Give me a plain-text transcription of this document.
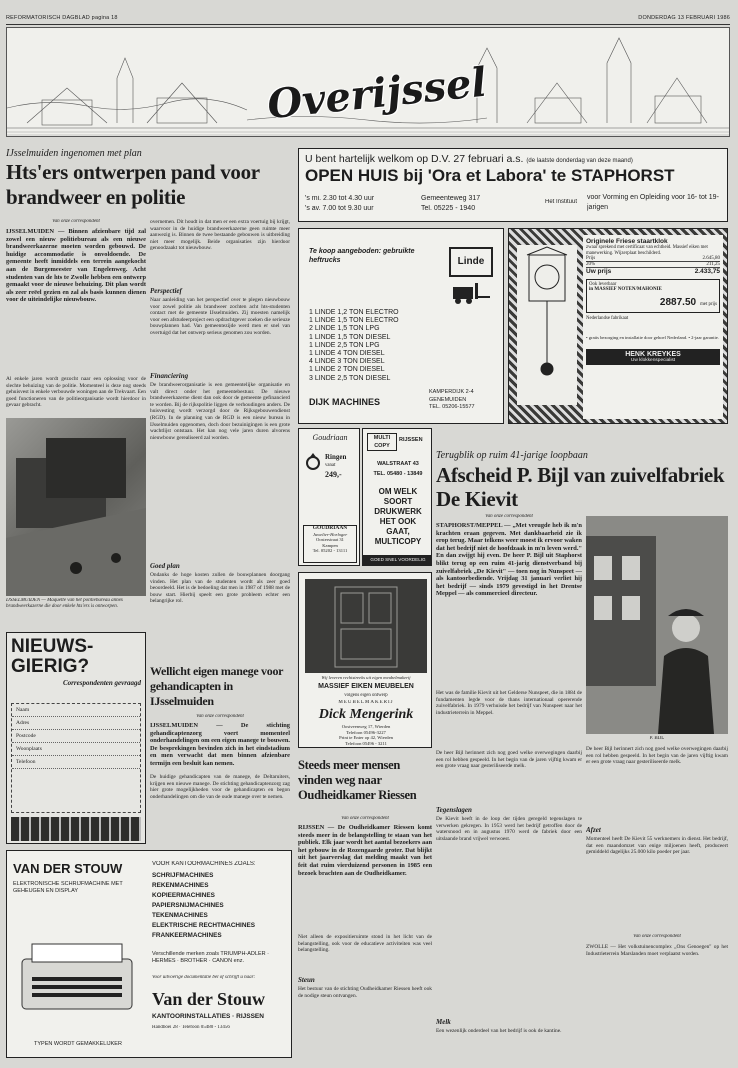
REFORMATORISCH DAGBLAD pagina 18	DONDERDAG 13 FEBRUARI 1986
Overijssel
IJsselmuiden ingenomen met plan
Hts'ers ontwerpen pand voor brandweer en politie
Van onze correspondent
IJSSELMUIDEN — Binnen afzienbare tijd zal zowel een nieuw politiebureau als een nieuwe brandweerkazerne moeten worden gebouwd. De huidige accommodatie is onvoldoende. De gemeente heeft inmiddels een terrein aangekocht aan de Burgemeester van Engelenweg. Acht studenten van de hts te Zwolle hebben een ontwerp gemaakt voor de nieuwe behuizing. Dit plan wordt als zeer reëel gezien en zal als basis kunnen dienen voor de uiteindelijke nieuwbouw.
Al enkele jaren wordt gezocht naar een oplossing voor de slechte behuizing van de politie. Momenteel is deze nog steeds gehuisvest in enkele verbouwde woningen aan de Trekvaart. Een goed functioneren van de politieorganisatie wordt hierdoor in gevaar gebracht.
IJSSELMUIDEN — Maquette van het politiebureau annex brandweerkazerne die door enkele hts'ers is ontworpen.
overnemen. Dit houdt in dat men er een extra voertuig bij krijgt, waarvoor in de huidige brandweerkazerne geen ruimte meer aanwezig is. Binnen de twee bestaande gebouwen is uitbreiding niet meer mogelijk. Beide organisaties zijn hierdoor genoodzaakt tot nieuwbouw.
Perspectief
Naar aanleiding van het perspectief over te plegen nieuwbouw voor zowel politie als brandweer zochten acht hts-studenten contact met de gemeente IJsselmuiden. Zij moesten namelijk voor een afstudeerproject een opdrachtgever zoeken die serieuze bouwplannen had. Van gemeentezijde werd men er snel van overtuigd dat het ontwerp serieus genomen zou worden.
Financiering
De brandweerorganisatie is een gemeentelijke organisatie en valt direct onder het gemeentebestuur. De nieuwe brandweerkazerne dient dan ook door de gemeente gefinancierd te worden. Bij de rijkspolitie liggen de verhoudingen anders. De huisvesting wordt verzorgd door de Rijksgebouwendienst (RGD). In de planning van de RGD is een nieuw bureau in IJsselmuiden opgenomen, doch door bezuinigingen is een grote wachtlijst ontstaan. Het kan nog vele jaren duren alvorens nieuwbouw gerealiseerd zal worden.
Goed plan
Ondanks de hoge kosten zullen de bouwplannen doorgang vinden. Het plan van de studenten wordt als zeer goed beoordeeld. Het is de bedoeling dat men in 1987 of 1988 met de bouw start. Hierbij speelt een grote probleem echter een belangrijke rol.
NIEUWS-GIERIG?
Correspondenten gevraagd
Naam
Adres
Postcode
Woonplaats
Telefoon
Wellicht eigen manege voor gehandicapten in IJsselmuiden
Van onze correspondent
IJSSELMUIDEN — De stichting gehandicaptenzorg voert momenteel onderhandelingen om een eigen manege te bouwen. De besprekingen bevinden zich in het eindstadium en men verwacht dat men binnen afzienbare termijn een besluit kan nemen.
De huidige gehandicapten van de manege, de Deltaruiters, krijgen een nieuwe manege. De stichting gehandicaptenzorg zag hier grote mogelijkheden voor de gehandicapten en begon onderhandelingen om die van de oude manege over te nemen.
VAN DER STOUW
ELEKTRONISCHE SCHRIJFMACHINE MET GEHEUGEN EN DISPLAY
TYPEN WORDT GEMAKKELIJKER
VOOR KANTOORMACHINES ZOALS:
SCHRIJFMACHINES
REKENMACHINES
KOPIEERMACHINES
PAPIERSNIJMACHINES
TEKENMACHINES
ELEKTRISCHE RECHTMACHINES
FRANKEERMACHINES
Verschillende merken zoals TRIUMPH-ADLER · HERMES · BROTHER · CANON enz.
Voor uitvoerige documentatie bel of schrijft u naar:
Van der Stouw
KANTOORINSTALLATIES · RIJSSEN
Handboei 28 · Telefoon 05480 - 13456
U bent hartelijk welkom op D.V. 27 februari a.s. (de laatste donderdag van deze maand)
OPEN HUIS bij 'Ora et Labora' te STAPHORST
's mi. 2.30 tot 4.30 uur
's av. 7.00 tot 9.30 uur
Gemeenteweg 317
Tel. 05225 - 1940
Het Instituut
voor Vorming en Opleiding voor 16- tot 19-jarigen
Te koop aangeboden: gebruikte heftrucks	Linde
1 LINDE 1,2 TON ELECTRO
1 LINDE 1,5 TON ELECTRO
2 LINDE 1,5 TON LPG
1 LINDE 1,5 TON DIESEL
1 LINDE 2,5 TON LPG
1 LINDE 4 TON DIESEL
4 LINDE 3 TON DIESEL
1 LINDE 2 TON DIESEL
3 LINDE 2,5 TON DIESEL
DIJK MACHINES
KAMPERDIJK 2-4
GENEMUIDEN
TEL. 05206-15577
Originele Friese staartklok
zwaar sprekend met certificaat van echtheid. Massief eiken met manewerking. Wijzerplaat beschilderd.
Prijs	2.645,80
20%	211,25
Uw prijs	2.433,75
Ook leverbaar
in MASSIEF NOTEN/MAHONIE
2887.50 met prijs
Nederlandse fabrikaat
• gratis bezorging en installatie door gehoel Nederland. • 2-jaar garantie.
HENK KREYKES
Uw klokkenspecialist
Goudriaan
Ringen
vanaf
249,-
GOUDRIAAN
Juwelier-Horloger
Oosterstraat 31
Kampen
Tel. 05202 - 13111
MULTI COPY
RIJSSEN
WALSTRAAT 43
TEL. 05480 - 13849
OM WELK SOORT DRUKWERK HET OOK GAAT, MULTICOPY
GOED SNEL VOORDELIG
Wij leveren rechtstreeks uit eigen meubelmakerij
MASSIEF EIKEN MEUBELEN
volgens eigen ontwerp
MEUBELMAKERIJ
Dick Mengerink
Oostveenweg 17, Wierden
Telefoon 05496-3227
Print te Enter op 42, Wierden
Telefoon 05496 - 3211
Terugblik op ruim 41-jarige loopbaan
Afscheid P. Bijl van zuivelfabriek De Kievit
Van onze correspondent
STAPHORST/MEPPEL — „Met vreugde heb ik m'n krachten eraan gegeven. Met dankbaarheid zie ik erop terug. Maar telkens weer moest ik ervoor waken dat het bedrijf niet de hoofdzaak in m'n leven werd." En dan zwijgt hij even. De heer P. Bijl uit Staphorst blikt terug op een ruim 41-jarig dienstverband bij zuivelfabriek „De Kievit" — toen nog in Nunspeet — als kantoorbediende. Vrijdag 31 januari verliet hij het bedrijf — sinds 1979 gevestigd in het Drentse Meppel — als commercieel directeur.
P. BIJL
Het was de familie Kievit uit het Gelderse Nunspeet, die in 1884 de fundamenten legde voor de thans internationaal opererende zuivelfabriek. In 1979 verhuisde het bedrijf van Nunspeet naar het industrieterrein in Meppel.
De heer Bijl herinnert zich nog goed welke overwegingen daarbij een rol hebben gespeeld. In het begin van de jaren vijftig kwam er een grote vraag naar gesteriliseerde melk.
Tegenslagen
De Kievit heeft in de loop der tijden geregeld tegenslagen te verwerken gekregen. In 1953 werd het bedrijf getroffen door de watersnood en in augustus 1970 werd de fabriek door een uitslaande brand vrijwel verwoest.
Melk
Een wezenlijk onderdeel van het bedrijf is ook de kantine.
De heer Bijl herinnert zich nog goed welke overwegingen daarbij een rol hebben gespeeld. In het begin van de jaren vijftig kwam er een grote vraag naar gesteriliseerde melk.
Afzet
Momenteel heeft De Kievit 55 werknemers in dienst. Het bedrijf, dat een maandomzet van enige miljoenen heeft, produceert gemiddeld dagelijks 25.000 kilo poeder per jaar.
Van onze correspondent
ZWOLLE — Het volkstuinencomplex „Ons Genoegen" op het Industrieterrein Marslanden moet verplaatst worden.
Steeds meer mensen vinden weg naar Oudheidkamer Riessen
Van onze correspondent
RIJSSEN — De Oudheidkamer Riessen komt steeds meer in de belangstelling te staan van het publiek. Elk jaar wordt het aantal bezoekers aan het gebouw in de Rozengaarde groter. Dat blijkt uit het jaarverslag dat melding maakt van het feit dat ruim vierduizend personen in 1985 een bezoek brachten aan de Oudheidkamer.
Niet alleen de expositieruimte stond in het licht van de belangstelling, ook voor de educatieve activiteiten was veel belangstelling.
Steun
Het bestuur van de stichting Oudheidkamer Riessen heeft ook de nodige steun ontvangen.
